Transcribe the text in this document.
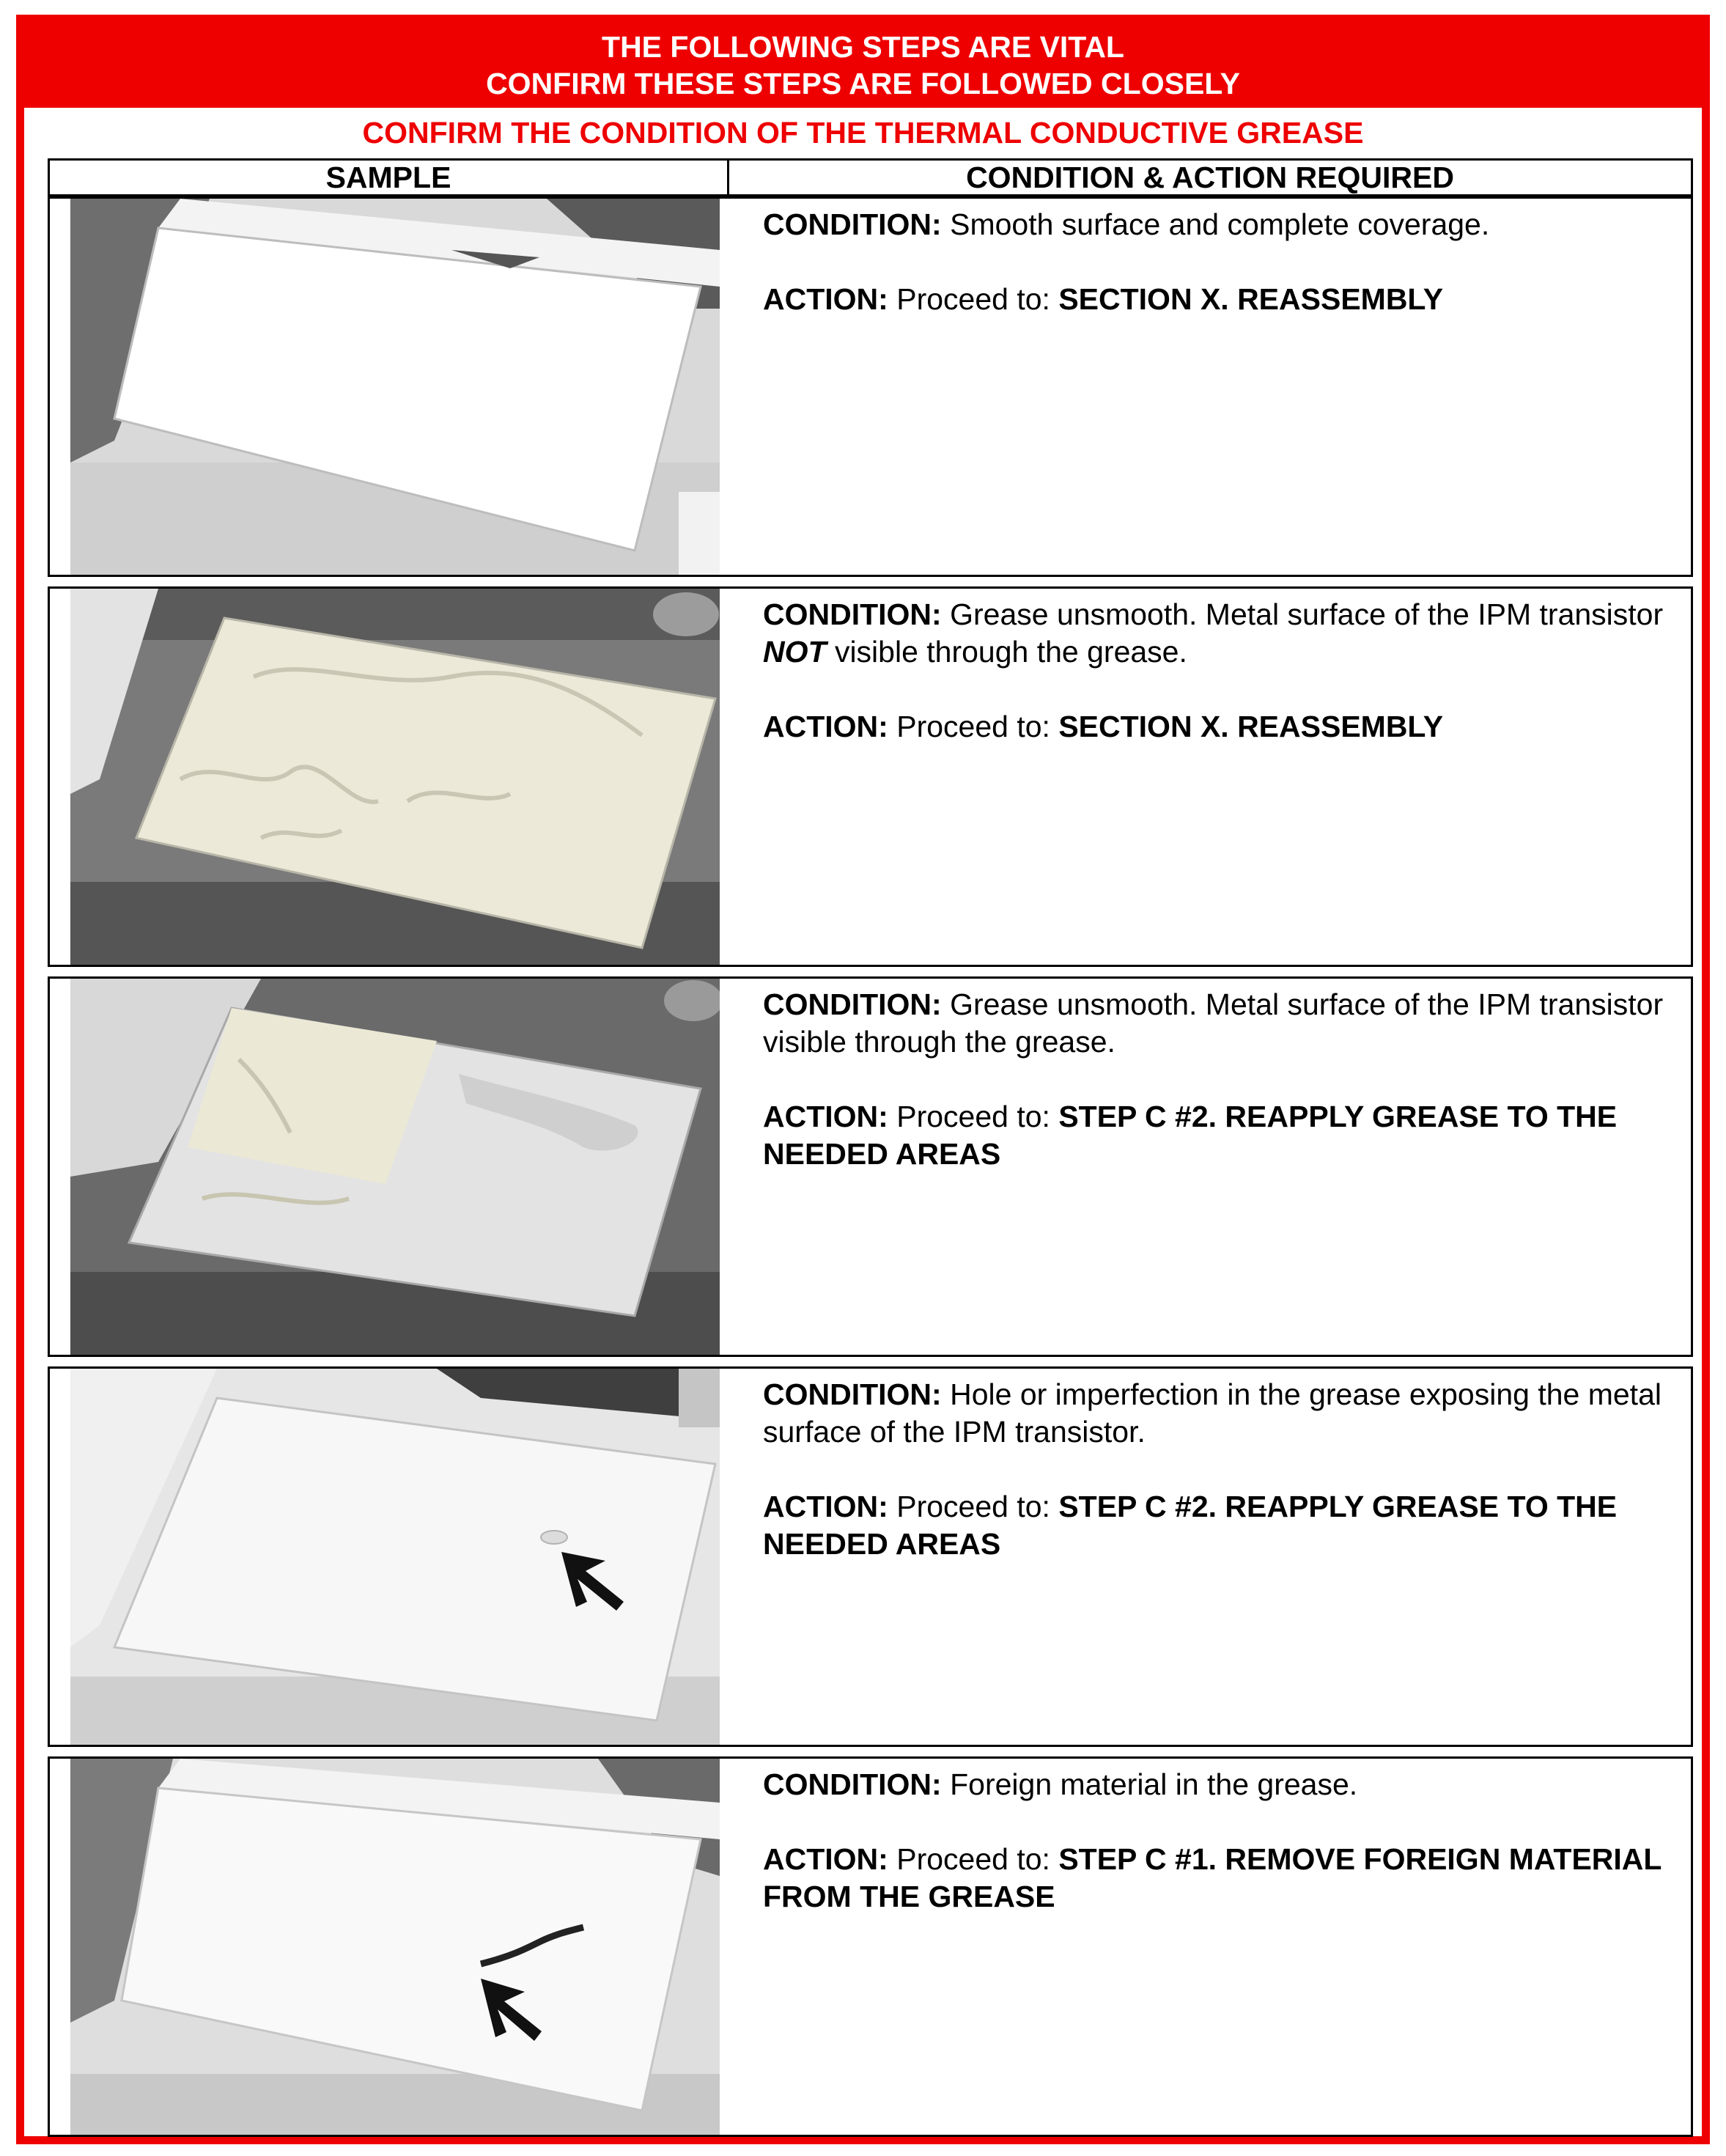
THE FOLLOWING STEPS ARE VITAL
CONFIRM THESE STEPS ARE FOLLOWED CLOSELY
CONFIRM THE CONDITION OF THE THERMAL CONDUCTIVE GREASE
SAMPLE	CONDITION & ACTION REQUIRED

CONDITION: Smooth surface and complete coverage.

ACTION: Proceed to: SECTION X. REASSEMBLY

CONDITION: Grease unsmooth. Metal surface of the IPM transistor NOT visible through the grease.

ACTION: Proceed to: SECTION X. REASSEMBLY

CONDITION: Grease unsmooth. Metal surface of the IPM transistor visible through the grease.

ACTION: Proceed to: STEP C #2. REAPPLY GREASE TO THE NEEDED AREAS

CONDITION: Hole or imperfection in the grease exposing the metal surface of the IPM transistor.

ACTION: Proceed to: STEP C #2. REAPPLY GREASE TO THE NEEDED AREAS

CONDITION: Foreign material in the grease.

ACTION: Proceed to: STEP C #1. REMOVE FOREIGN MATERIAL FROM THE GREASE
